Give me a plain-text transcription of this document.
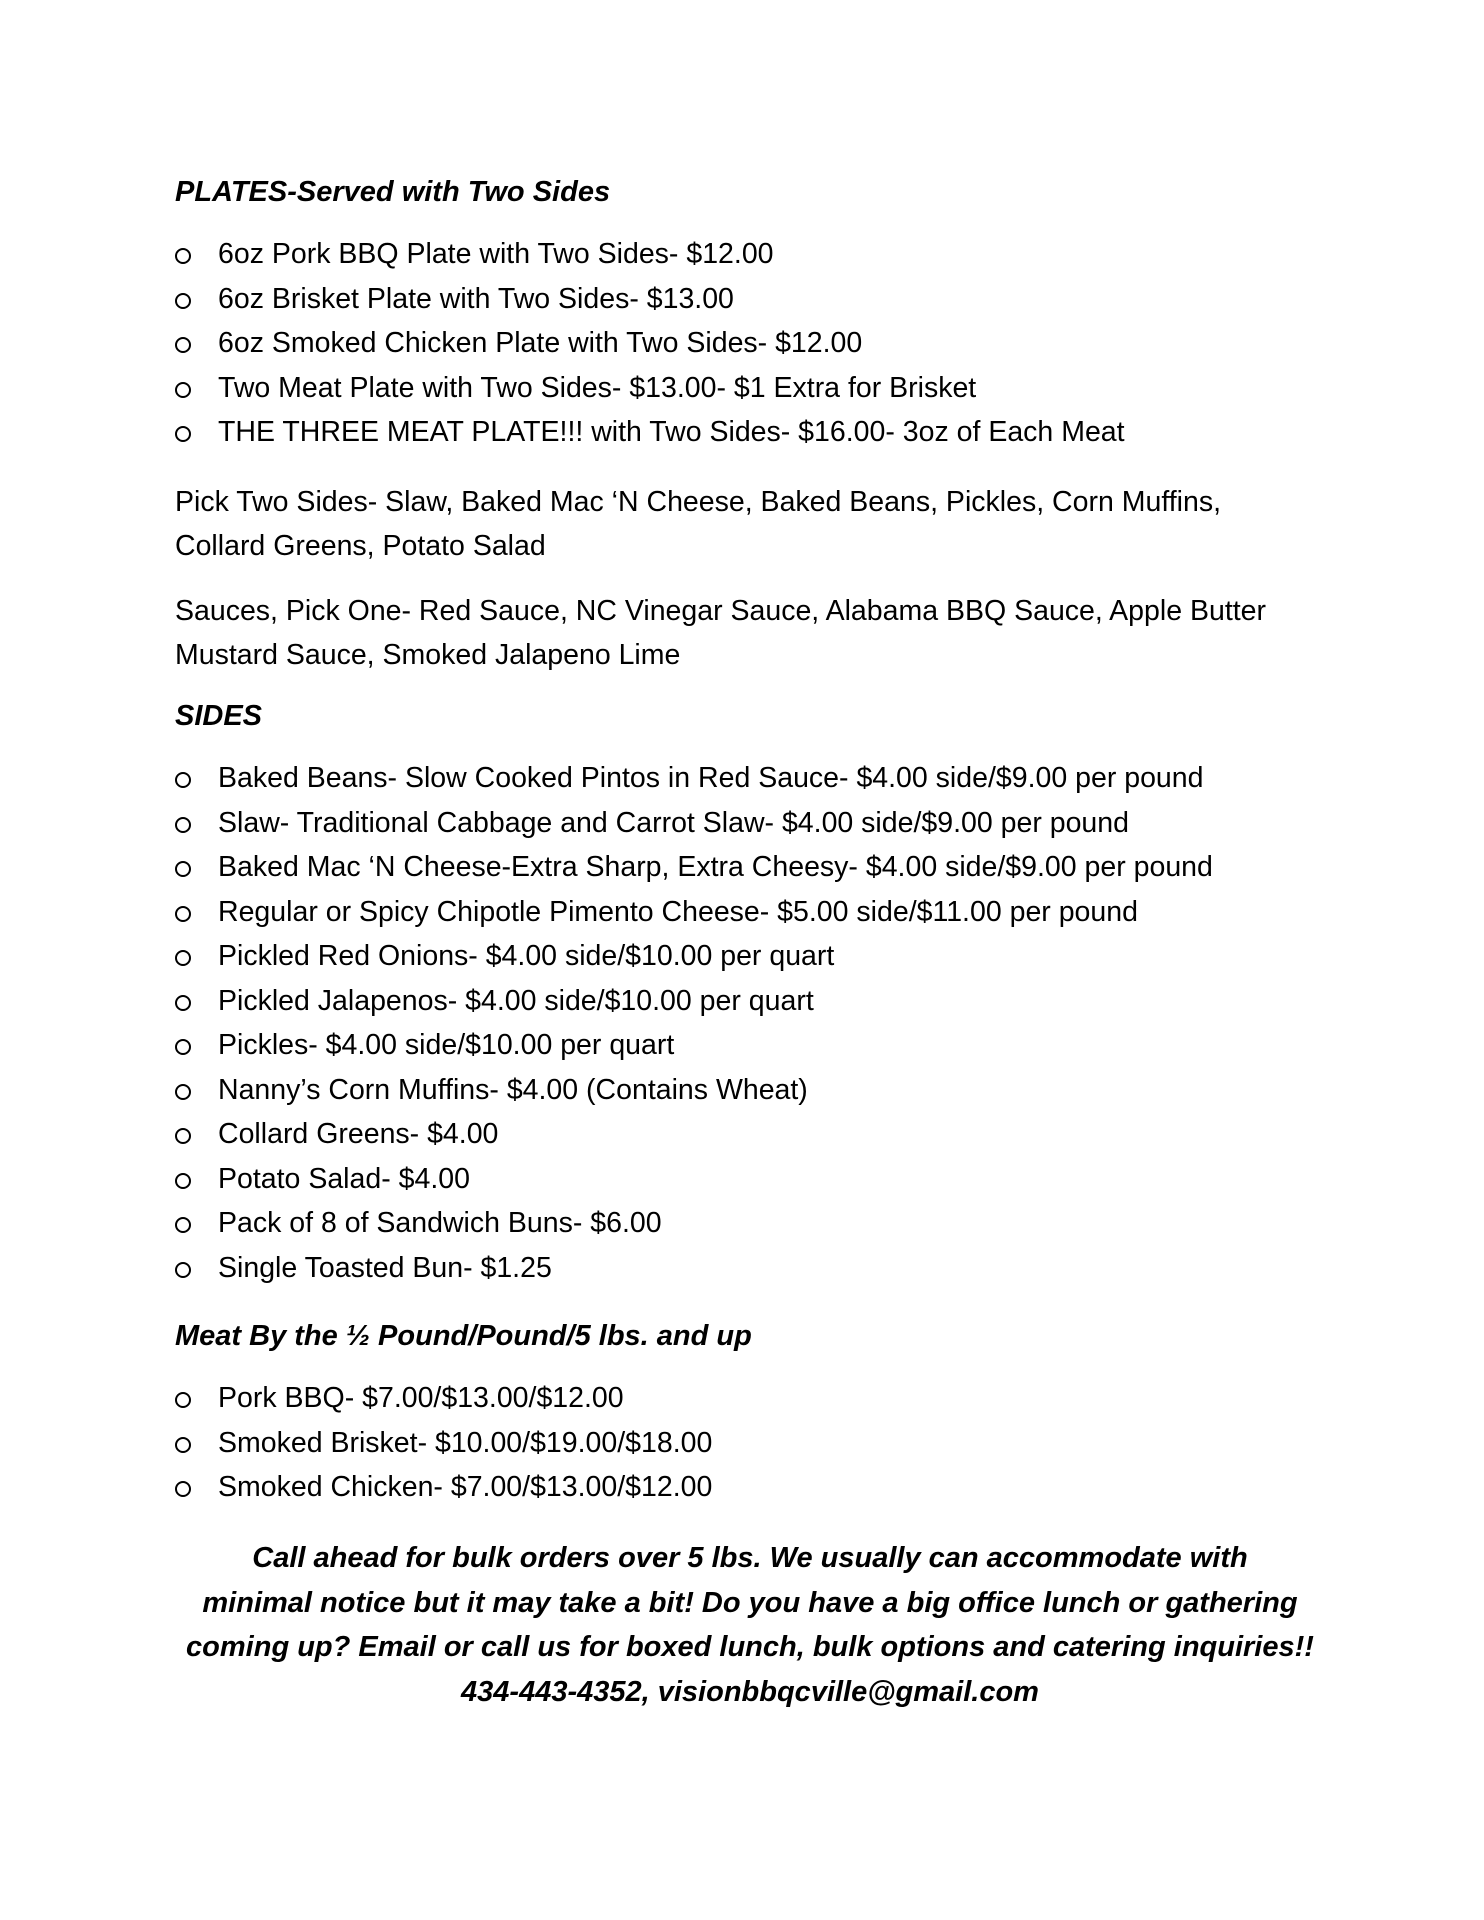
PLATES-Served with Two Sides
6oz Pork BBQ Plate with Two Sides- $12.00
6oz Brisket Plate with Two Sides- $13.00
6oz Smoked Chicken Plate with Two Sides- $12.00
Two Meat Plate with Two Sides- $13.00- $1 Extra for Brisket
THE THREE MEAT PLATE!!! with Two Sides- $16.00- 3oz of Each Meat
Pick Two Sides- Slaw, Baked Mac ‘N Cheese, Baked Beans, Pickles, Corn Muffins,
Collard Greens, Potato Salad
Sauces, Pick One- Red Sauce, NC Vinegar Sauce, Alabama BBQ Sauce, Apple Butter
Mustard Sauce, Smoked Jalapeno Lime
SIDES
Baked Beans- Slow Cooked Pintos in Red Sauce- $4.00 side/$9.00 per pound
Slaw- Traditional Cabbage and Carrot Slaw- $4.00 side/$9.00 per pound
Baked Mac ‘N Cheese-Extra Sharp, Extra Cheesy- $4.00 side/$9.00 per pound
Regular or Spicy Chipotle Pimento Cheese- $5.00 side/$11.00 per pound
Pickled Red Onions- $4.00 side/$10.00 per quart
Pickled Jalapenos- $4.00 side/$10.00 per quart
Pickles- $4.00 side/$10.00 per quart
Nanny’s Corn Muffins- $4.00 (Contains Wheat)
Collard Greens- $4.00
Potato Salad- $4.00
Pack of 8 of Sandwich Buns- $6.00
Single Toasted Bun- $1.25
Meat By the ½ Pound/Pound/5 lbs. and up
Pork BBQ- $7.00/$13.00/$12.00
Smoked Brisket- $10.00/$19.00/$18.00
Smoked Chicken- $7.00/$13.00/$12.00
Call ahead for bulk orders over 5 lbs. We usually can accommodate with
minimal notice but it may take a bit! Do you have a big office lunch or gathering
coming up? Email or call us for boxed lunch, bulk options and catering inquiries!!
434-443-4352, visionbbqcville@gmail.com
